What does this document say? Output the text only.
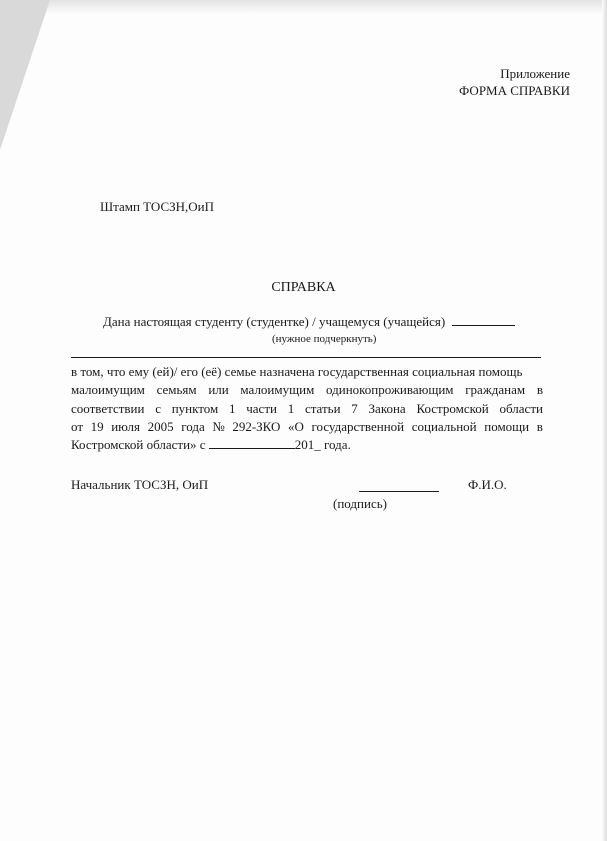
Приложение
ФОРМА СПРАВКИ
Штамп ТОСЗН,ОиП
СПРАВКА
Дана настоящая студенту (студентке) / учащемуся (учащейся)
(нужное подчеркнуть)
в том, что ему (ей)/ его (её) семье назначена государственная социальная помощь
малоимущим семьям или малоимущим одинокопроживающим гражданам в
соответствии с пунктом 1 части 1 статьи 7 Закона Костромской области
от 19 июля 2005 года № 292-ЗКО «О государственной социальной помощи в
Костромской области» с	201_ года.
Начальник ТОСЗН, ОиП	Ф.И.О.
(подпись)
